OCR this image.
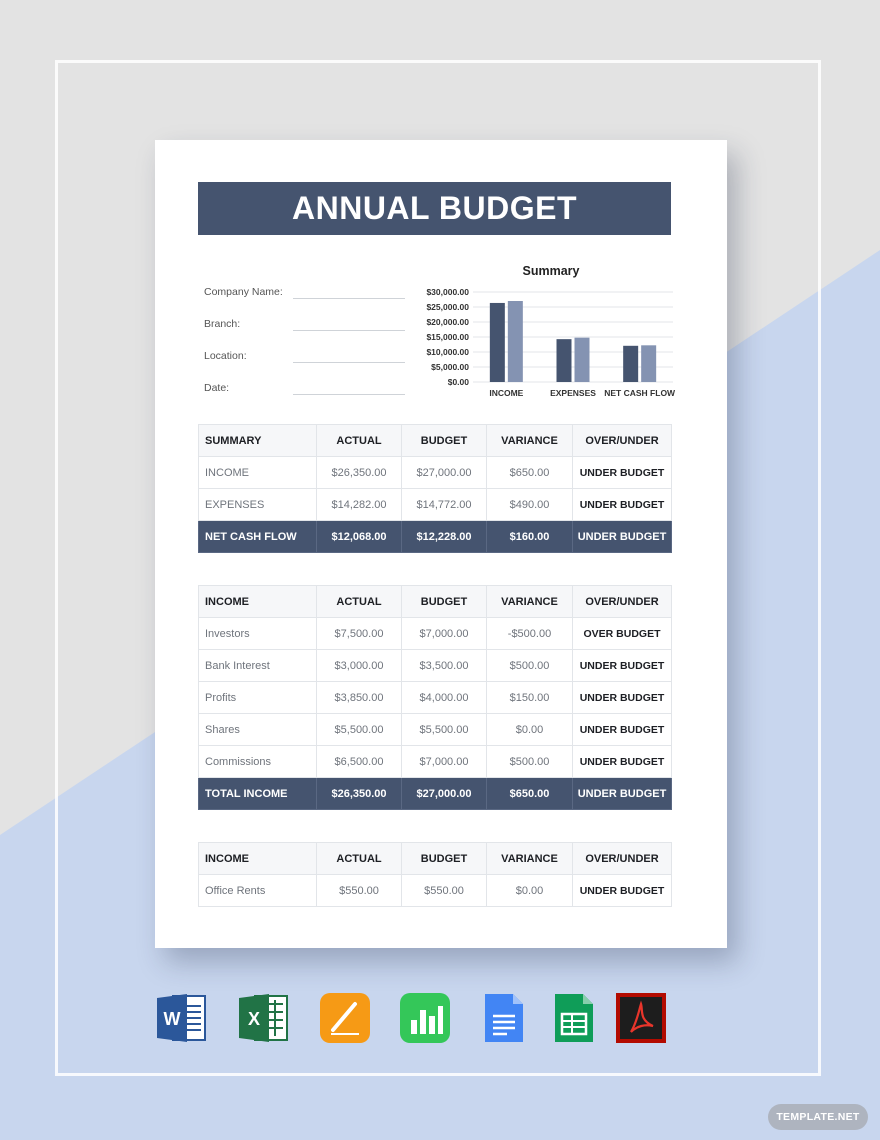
ANNUAL BUDGET
Company Name:
Branch:
Location:
Date:
Summary
$30,000.00
$25,000.00
$20,000.00
$15,000.00
$10,000.00
$5,000.00
$0.00
INCOME	EXPENSES NET CASH FLOW
SUMMARY	ACTUAL	BUDGET	VARIANCE	OVER/UNDER
INCOME	$26,350.00	$27,000.00	$650.00	UNDER BUDGET
EXPENSES	$14,282.00	$14,772.00	$490.00	UNDER BUDGET
NET CASH FLOW	$12,068.00	$12,228.00	$160.00	UNDER BUDGET
INCOME	ACTUAL	BUDGET	VARIANCE	OVER/UNDER
Investors	$7,500.00	$7,000.00	-$500.00	OVER BUDGET
Bank Interest	$3,000.00	$3,500.00	$500.00	UNDER BUDGET
Profits	$3,850.00	$4,000.00	$150.00	UNDER BUDGET
Shares	$5,500.00	$5,500.00	$0.00	UNDER BUDGET
Commissions	$6,500.00	$7,000.00	$500.00	UNDER BUDGET
TOTAL INCOME	$26,350.00	$27,000.00	$650.00	UNDER BUDGET
INCOME	ACTUAL	BUDGET	VARIANCE	OVER/UNDER
Office Rents	$550.00	$550.00	$0.00	UNDER BUDGET
W	X
TEMPLATE.NET
